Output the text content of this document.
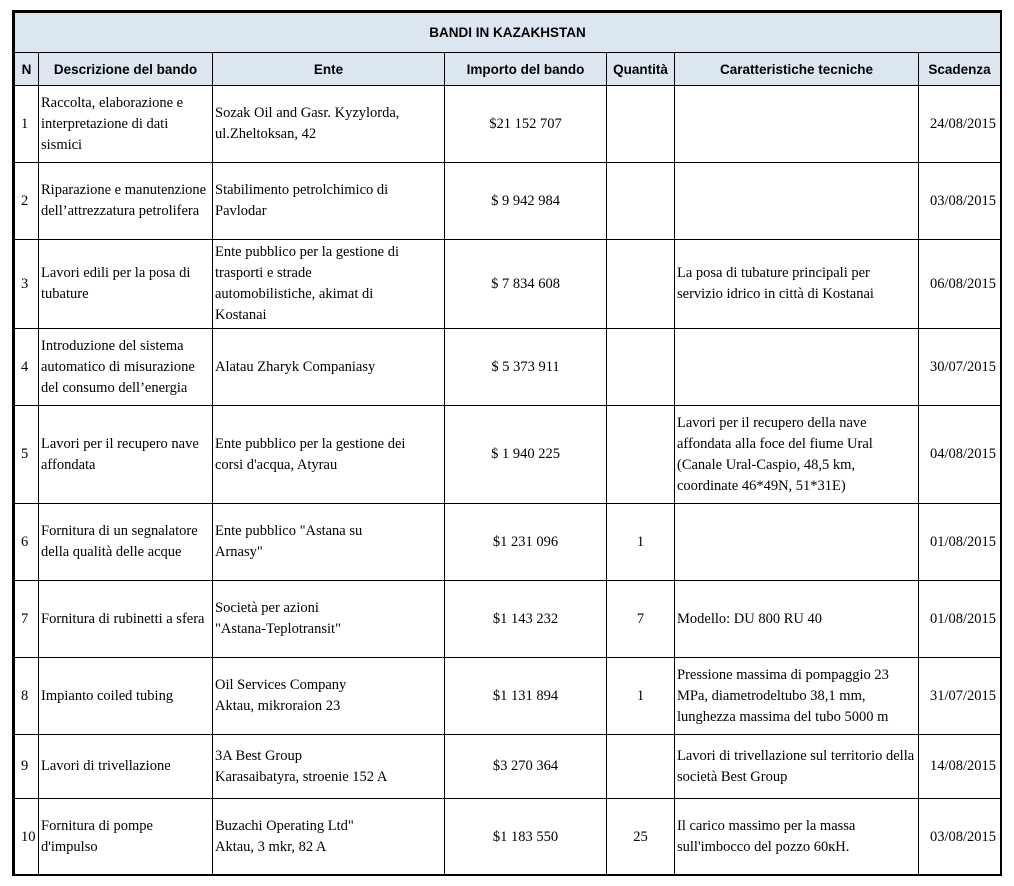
BANDI IN KAZAKHSTAN						
N	Descrizione del bando	Ente	Importo del bando	Quantità	Caratteristiche tecniche	Scadenza
1	Raccolta, elaborazione e
interpretazione di dati
sismici	Sozak Oil and Gasr. Kyzylorda,
ul.Zheltoksan, 42	$21 152 707			24/08/2015
2	Riparazione e manutenzione
dell’attrezzatura petrolifera	Stabilimento petrolchimico di
Pavlodar	$ 9 942 984			03/08/2015
3	Lavori edili per la posa di
tubature	Ente pubblico per la gestione di
trasporti e strade
automobilistiche, akimat di
Kostanai	$ 7 834 608		La posa di tubature principali per
servizio idrico in città di Kostanai	06/08/2015
4	Introduzione del sistema
automatico di misurazione
del consumo dell’energia	Alatau Zharyk Companiasy	$ 5 373 911			30/07/2015
5	Lavori per il recupero nave
affondata	Ente pubblico per la gestione dei
corsi d'acqua, Atyrau	$ 1 940 225		Lavori per il recupero della nave
affondata alla foce del fiume Ural
(Canale Ural-Caspio, 48,5 km,
coordinate 46*49N, 51*31E)	04/08/2015
6	Fornitura di un segnalatore
della qualità delle acque	Ente pubblico "Astana su
Arnasy"	$1 231 096	1		01/08/2015
7	Fornitura di rubinetti a sfera	Società per azioni
"Astana-Teplotransit"	$1 143 232	7	Modello: DU 800 RU 40	01/08/2015
8	Impianto coiled tubing	Oil Services Company
Aktau, mikroraion 23	$1 131 894	1	Pressione massima di pompaggio 23
MPa, diametrodeltubo 38,1 mm,
lunghezza massima del tubo 5000 m	31/07/2015
9	Lavori di trivellazione	3A Best Group
Karasaibatyra, stroenie 152 A	$3 270 364		Lavori di trivellazione sul territorio della
società Best Group	14/08/2015
10	Fornitura di pompe
d'impulso	Buzachi Operating Ltd"
Aktau, 3 mkr, 82 A	$1 183 550	25	Il carico massimo per la massa
sull'imbocco del pozzo 60кН.	03/08/2015
